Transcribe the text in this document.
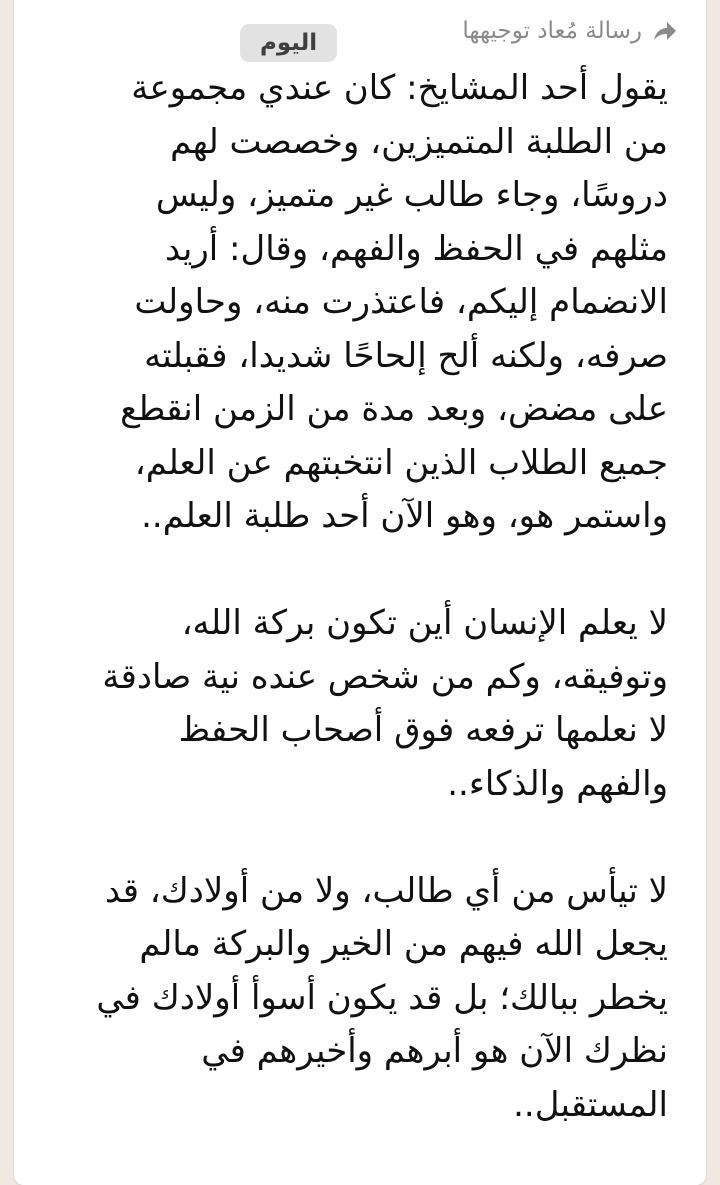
رسالة مُعاد توجيهها
اليوم

يقول أحد المشايخ: كان عندي مجموعة
من الطلبة المتميزين، وخصصت لهم
دروسًا، وجاء طالب غير متميز، وليس
مثلهم في الحفظ والفهم، وقال: أريد
الانضمام إليكم، فاعتذرت منه، وحاولت
صرفه، ولكنه ألح إلحاحًا شديدا، فقبلته
على مضض، وبعد مدة من الزمن انقطع
جميع الطلاب الذين انتخبتهم عن العلم،
واستمر هو، وهو الآن أحد طلبة العلم..

لا يعلم الإنسان أين تكون بركة الله،
وتوفيقه، وكم من شخص عنده نية صادقة
لا نعلمها ترفعه فوق أصحاب الحفظ
والفهم والذكاء..

لا تيأس من أي طالب، ولا من أولادك، قد
يجعل الله فيهم من الخير والبركة مالم
يخطر ببالك؛ بل قد يكون أسوأ أولادك في
نظرك الآن هو أبرهم وأخيرهم في
المستقبل..
